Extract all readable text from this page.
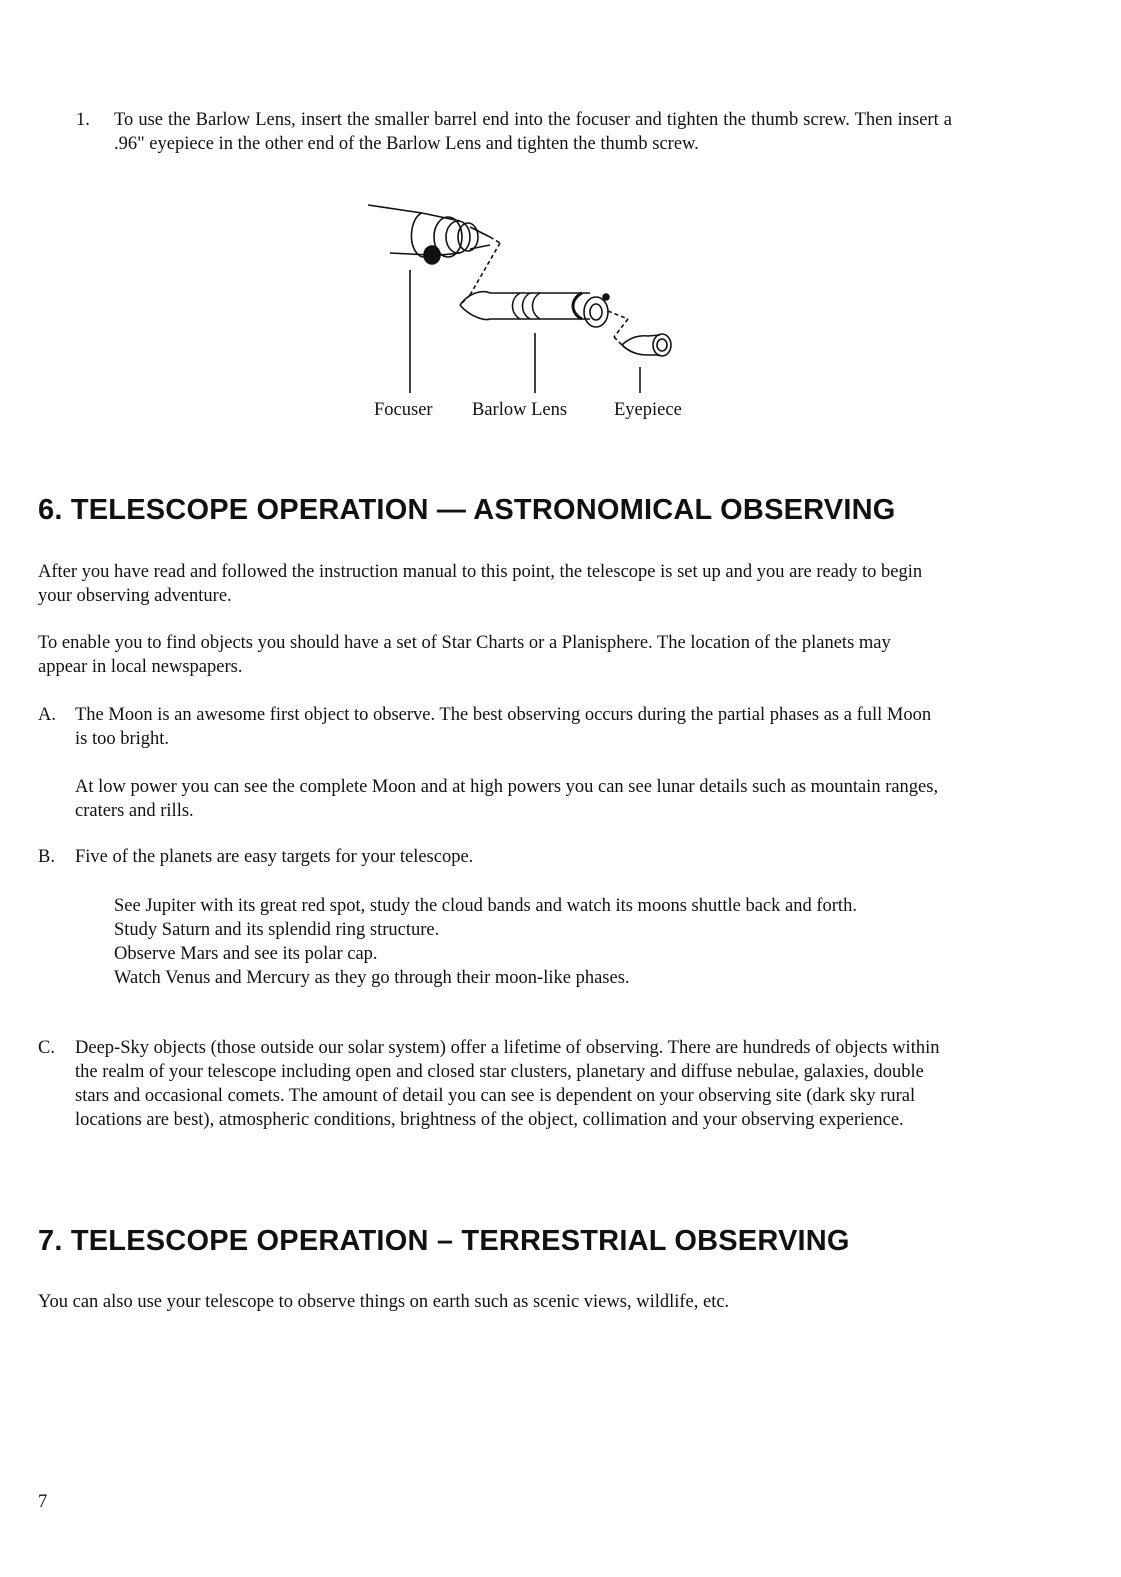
1. To use the Barlow Lens, insert the smaller barrel end into the focuser and tighten the thumb screw. Then insert a .96" eyepiece in the other end of the Barlow Lens and tighten the thumb screw.
Focuser Barlow Lens	Eyepiece
6. TELESCOPE OPERATION — ASTRONOMICAL OBSERVING
After you have read and followed the instruction manual to this point, the telescope is set up and you are ready to begin your observing adventure.
To enable you to find objects you should have a set of Star Charts or a Planisphere. The location of the planets may appear in local newspapers.
A. The Moon is an awesome first object to observe. The best observing occurs during the partial phases as a full Moon is too bright.
At low power you can see the complete Moon and at high powers you can see lunar details such as mountain ranges, craters and rills.
B. Five of the planets are easy targets for your telescope.
See Jupiter with its great red spot, study the cloud bands and watch its moons shuttle back and forth.
Study Saturn and its splendid ring structure.
Observe Mars and see its polar cap.
Watch Venus and Mercury as they go through their moon-like phases.
C. Deep-Sky objects (those outside our solar system) offer a lifetime of observing. There are hundreds of objects within the realm of your telescope including open and closed star clusters, planetary and diffuse nebulae, galaxies, double stars and occasional comets. The amount of detail you can see is dependent on your observing site (dark sky rural locations are best), atmospheric conditions, brightness of the object, collimation and your observing experience.
7. TELESCOPE OPERATION – TERRESTRIAL OBSERVING
You can also use your telescope to observe things on earth such as scenic views, wildlife, etc.
7
